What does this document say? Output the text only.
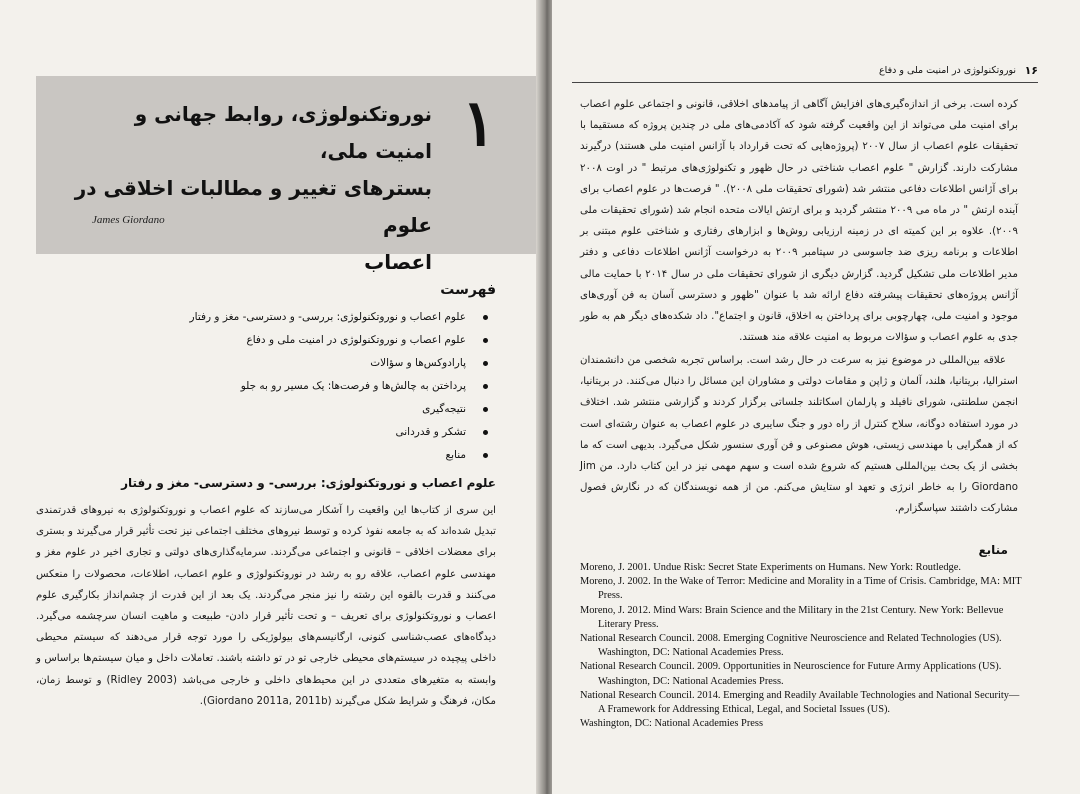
۱
نوروتکنولوژی، روابط جهانی و امنیت ملی،
بسترهای تغییر و مطالبات اخلاقی در علوم
اعصاب
James Giordano
فهرست
علوم اعصاب و نوروتکنولوژی: بررسی- و دسترسی- مغز و رفتار
علوم اعصاب و نوروتکنولوژی در امنیت ملی و دفاع
پارادوکس‌ها و سؤالات
پرداختن به چالش‌ها و فرصت‌ها: یک مسیر رو به جلو
نتیجه‌گیری
تشکر و قدردانی
منابع
علوم اعصاب و نوروتکنولوژی: بررسی- و دسترسی- مغز و رفتار
این سری از کتاب‌ها این واقعیت را آشکار می‌سازند که علوم اعصاب و نوروتکنولوژی به نیروهای قدرتمندی تبدیل شده‌اند که به جامعه نفوذ کرده و توسط نیروهای مختلف اجتماعی نیز تحت تأثیر قرار می‌گیرند و بستری برای معضلات اخلاقی – قانونی و اجتماعی می‌گردند. سرمایه‌گذاری‌های دولتی و تجاری اخیر در علوم مغز و مهندسی علوم اعصاب، علاقه رو به رشد در نوروتکنولوژی و علوم اعصاب، اطلاعات، محصولات را منعکس می‌کنند و قدرت بالقوه این رشته را نیز منجر می‌گردند. یک بعد از این قدرت از چشم‌انداز بکارگیری علوم اعصاب و نوروتکنولوژی برای تعریف – و تحت تأثیر قرار دادن- طبیعت و ماهیت انسان سرچشمه می‌گیرد. دیدگاه‌های عصب‌شناسی کنونی، ارگانیسم‌های بیولوژیکی را مورد توجه قرار می‌دهند که سیستم محیطی داخلی پیچیده در سیستم‌های محیطی خارجی تو در تو داشته باشند. تعاملات داخل و میان سیستم‌ها براساس و وابسته به متغیرهای متعددی در این محیط‌های داخلی و خارجی می‌باشد (Ridley 2003) و توسط زمان، مکان، فرهنگ و شرایط شکل می‌گیرند (Giordano 2011a, 2011b).
۱۶
نوروتکنولوژی در امنیت ملی و دفاع
کرده است. برخی از اندازه‌گیری‌های افزایش آگاهی از پیامدهای اخلاقی، قانونی و اجتماعی علوم اعصاب برای امنیت ملی می‌تواند از این واقعیت گرفته شود که آکادمی‌های ملی در چندین پروژه که مستقیما با تحقیقات علوم اعصاب از سال ۲۰۰۷ (پروژه‌هایی که تحت قرارداد با آژانس امنیت ملی هستند) درگیرند مشارکت دارند. گزارش " علوم اعصاب شناختی در حال ظهور و تکنولوژی‌های مرتبط " در اوت ۲۰۰۸ برای آژانس اطلاعات دفاعی منتشر شد (شورای تحقیقات ملی ۲۰۰۸). " فرصت‌ها در علوم اعصاب برای آینده ارتش " در ماه می ۲۰۰۹ منتشر گردید و برای ارتش ایالات متحده انجام شد (شورای تحقیقات ملی ۲۰۰۹). علاوه بر این کمیته ای در زمینه ارزیابی روش‌ها و ابزارهای رفتاری و شناختی علوم مبتنی بر اطلاعات و برنامه ریزی ضد جاسوسی در سپتامبر ۲۰۰۹ به درخواست آژانس اطلاعات دفاعی و دفتر مدیر اطلاعات ملی تشکیل گردید. گزارش دیگری از شورای تحقیقات ملی در سال ۲۰۱۴ با حمایت مالی آژانس پروژه‌های تحقیقات پیشرفته دفاع ارائه شد با عنوان "ظهور و دسترسی آسان به فن آوری‌های موجود و امنیت ملی، چهارچوبی برای پرداختن به اخلاق، قانون و اجتماع". داد شکده‌های دیگر هم به طور جدی به علوم اعصاب و سؤالات مربوط به امنیت علاقه مند هستند.
علاقه بین‌المللی در موضوع نیز به سرعت در حال رشد است. براساس تجربه شخصی من دانشمندان استرالیا، بریتانیا، هلند، آلمان و ژاپن و مقامات دولتی و مشاوران این مسائل را دنبال می‌کنند. در بریتانیا، انجمن سلطنتی، شورای نافیلد و پارلمان اسکاتلند جلساتی برگزار کردند و گزارشی منتشر شد. اختلاف در مورد استفاده دوگانه، سلاح کنترل از راه دور و جنگ سایبری در علوم اعصاب به عنوان رشته‌ای است که از همگرایی با مهندسی زیستی، هوش مصنوعی و فن آوری سنسور شکل می‌گیرد. بدیهی است که ما بخشی از یک بحث بین‌المللی هستیم که شروع شده است و سهم مهمی نیز در این کتاب دارد. من Jim Giordano را به خاطر انرژی و تعهد او ستایش می‌کنم. من از همه نویسندگان که در نگارش فصول مشارکت داشتند سپاسگزارم.
منابع

Moreno, J. 2001. Undue Risk: Secret State Experiments on Humans. New York: Routledge.

Moreno, J. 2002. In the Wake of Terror: Medicine and Morality in a Time of Crisis. Cambridge, MA: MIT Press.

Moreno, J. 2012. Mind Wars: Brain Science and the Military in the 21st Century. New York: Bellevue Literary Press.

National Research Council. 2008. Emerging Cognitive Neuroscience and Related Technologies (US). Washington, DC: National Academies Press.

National Research Council. 2009. Opportunities in Neuroscience for Future Army Applications (US). Washington, DC: National Academies Press.

National Research Council. 2014. Emerging and Readily Available Technologies and National Security—A Framework for Addressing Ethical, Legal, and Societal Issues (US).

Washington, DC: National Academies Press
